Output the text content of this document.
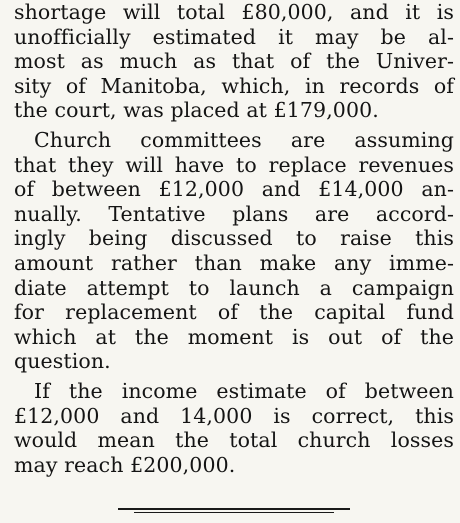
shortage will total £80,000, and it is
unofficially estimated it may be al-
most as much as that of the Univer-
sity of Manitoba, which, in records of
the court, was placed at £179,000.
Church committees are assuming
that they will have to replace revenues
of between £12,000 and £14,000 an-
nually. Tentative plans are accord-
ingly being discussed to raise this
amount rather than make any imme-
diate attempt to launch a campaign
for replacement of the capital fund
which at the moment is out of the
question.
If the income estimate of between
£12,000 and 14,000 is correct, this
would mean the total church losses
may reach £200,000.
